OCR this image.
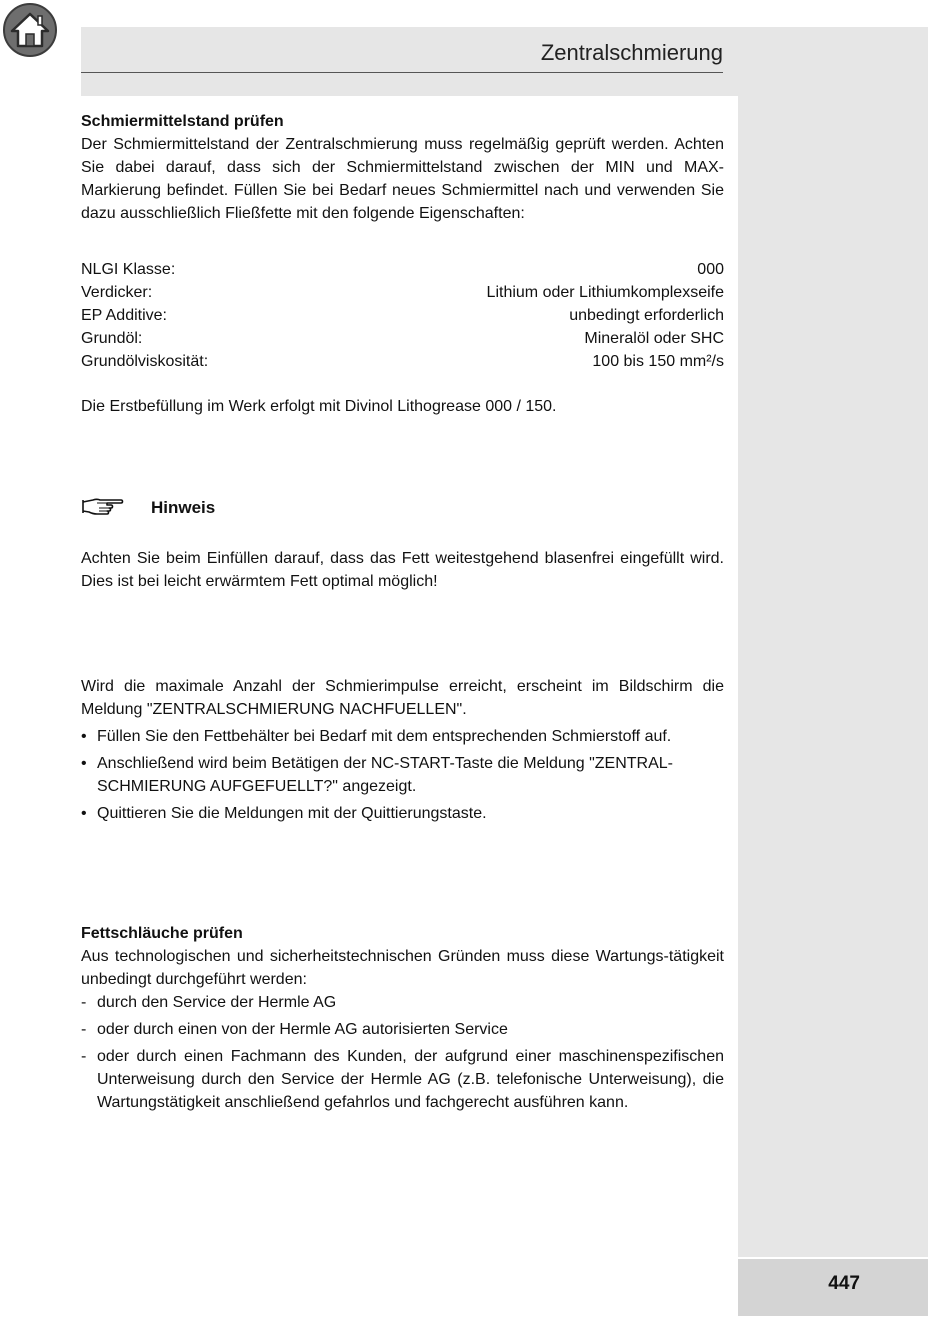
447
Zentralschmierung
Schmiermittelstand prüfen

Der Schmiermittelstand der Zentralschmierung muss regelmäßig geprüft werden. Achten Sie dabei darauf, dass sich der Schmiermittelstand zwischen der MIN und MAX-Markierung befindet. Füllen Sie bei Bedarf neues Schmiermittel nach und verwenden Sie dazu ausschließlich Fließfette mit den folgende Eigenschaften:

NLGI Klasse:	000
Verdicker:	Lithium oder Lithiumkomplexseife
EP Additive:	unbedingt erforderlich
Grundöl:	Mineralöl oder SHC
Grundölviskosität:	100 bis 150 mm²/s

Die Erstbefüllung im Werk erfolgt mit Divinol Lithogrease 000 / 150.

Hinweis

Achten Sie beim Einfüllen darauf, dass das Fett weitestgehend blasenfrei eingefüllt wird. Dies ist bei leicht erwärmtem Fett optimal möglich!

Wird die maximale Anzahl der Schmierimpulse erreicht, erscheint im Bildschirm die Meldung "ZENTRALSCHMIERUNG NACHFUELLEN".

• Füllen Sie den Fettbehälter bei Bedarf mit dem entsprechenden Schmierstoff auf.
• Anschließend wird beim Betätigen der NC-START-Taste die Meldung "ZENTRAL-SCHMIERUNG AUFGEFUELLT?" angezeigt.
• Quittieren Sie die Meldungen mit der Quittierungstaste.
Fettschläuche prüfen

Aus technologischen und sicherheitstechnischen Gründen muss diese Wartungs-tätigkeit unbedingt durchgeführt werden:

- durch den Service der Hermle AG
- oder durch einen von der Hermle AG autorisierten Service
- oder durch einen Fachmann des Kunden, der aufgrund einer maschinenspezifischen Unterweisung durch den Service der Hermle AG (z.B. telefonische Unterweisung), die Wartungstätigkeit anschließend gefahrlos und fachgerecht ausführen kann.
